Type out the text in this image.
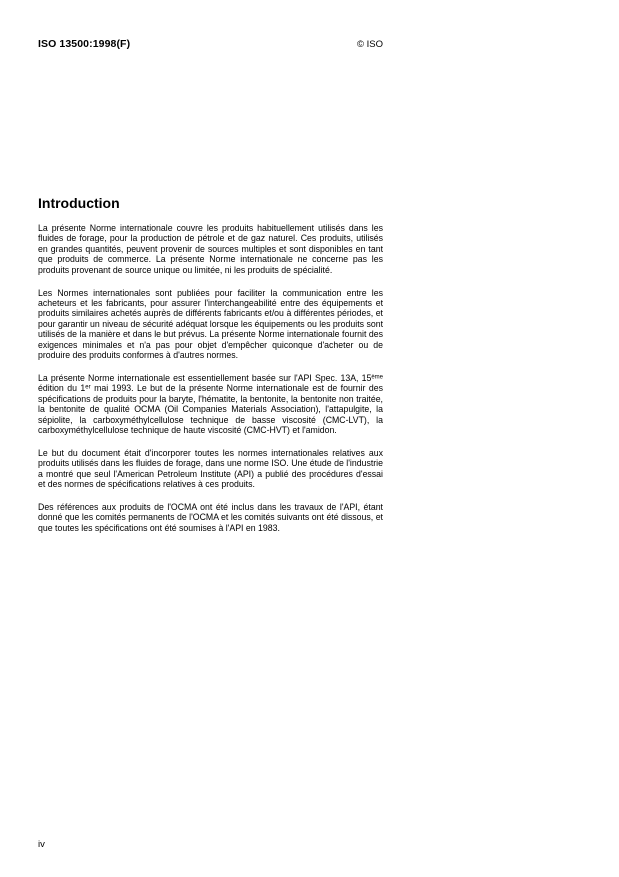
ISO 13500:1998(F)	© ISO
Introduction

La présente Norme internationale couvre les produits habituellement utilisés dans les fluides de forage, pour la production de pétrole et de gaz naturel. Ces produits, utilisés en grandes quantités, peuvent provenir de sources multiples et sont disponibles en tant que produits de commerce. La présente Norme internationale ne concerne pas les produits provenant de source unique ou limitée, ni les produits de spécialité.

Les Normes internationales sont publiées pour faciliter la communication entre les acheteurs et les fabricants, pour assurer l'interchangeabilité entre des équipements et produits similaires achetés auprès de différents fabricants et/ou à différentes périodes, et pour garantir un niveau de sécurité adéquat lorsque les équipements ou les produits sont utilisés de la manière et dans le but prévus. La présente Norme internationale fournit des exigences minimales et n'a pas pour objet d'empêcher quiconque d'acheter ou de produire des produits conformes à d'autres normes.

La présente Norme internationale est essentiellement basée sur l'API Spec. 13A, 15ème édition du 1er mai 1993. Le but de la présente Norme internationale est de fournir des spécifications de produits pour la baryte, l'hématite, la bentonite, la bentonite non traitée, la bentonite de qualité OCMA (Oil Companies Materials Association), l'attapulgite, la sépiolite, la carboxyméthylcellulose technique de basse viscosité (CMC-LVT), la carboxyméthylcellulose technique de haute viscosité (CMC-HVT) et l'amidon.

Le but du document était d'incorporer toutes les normes internationales relatives aux produits utilisés dans les fluides de forage, dans une norme ISO. Une étude de l'industrie a montré que seul l'American Petroleum Institute (API) a publié des procédures d'essai et des normes de spécifications relatives à ces produits.

Des références aux produits de l'OCMA ont été inclus dans les travaux de l'API, étant donné que les comités permanents de l'OCMA et les comités suivants ont été dissous, et que toutes les spécifications ont été soumises à l'API en 1983.

iv
